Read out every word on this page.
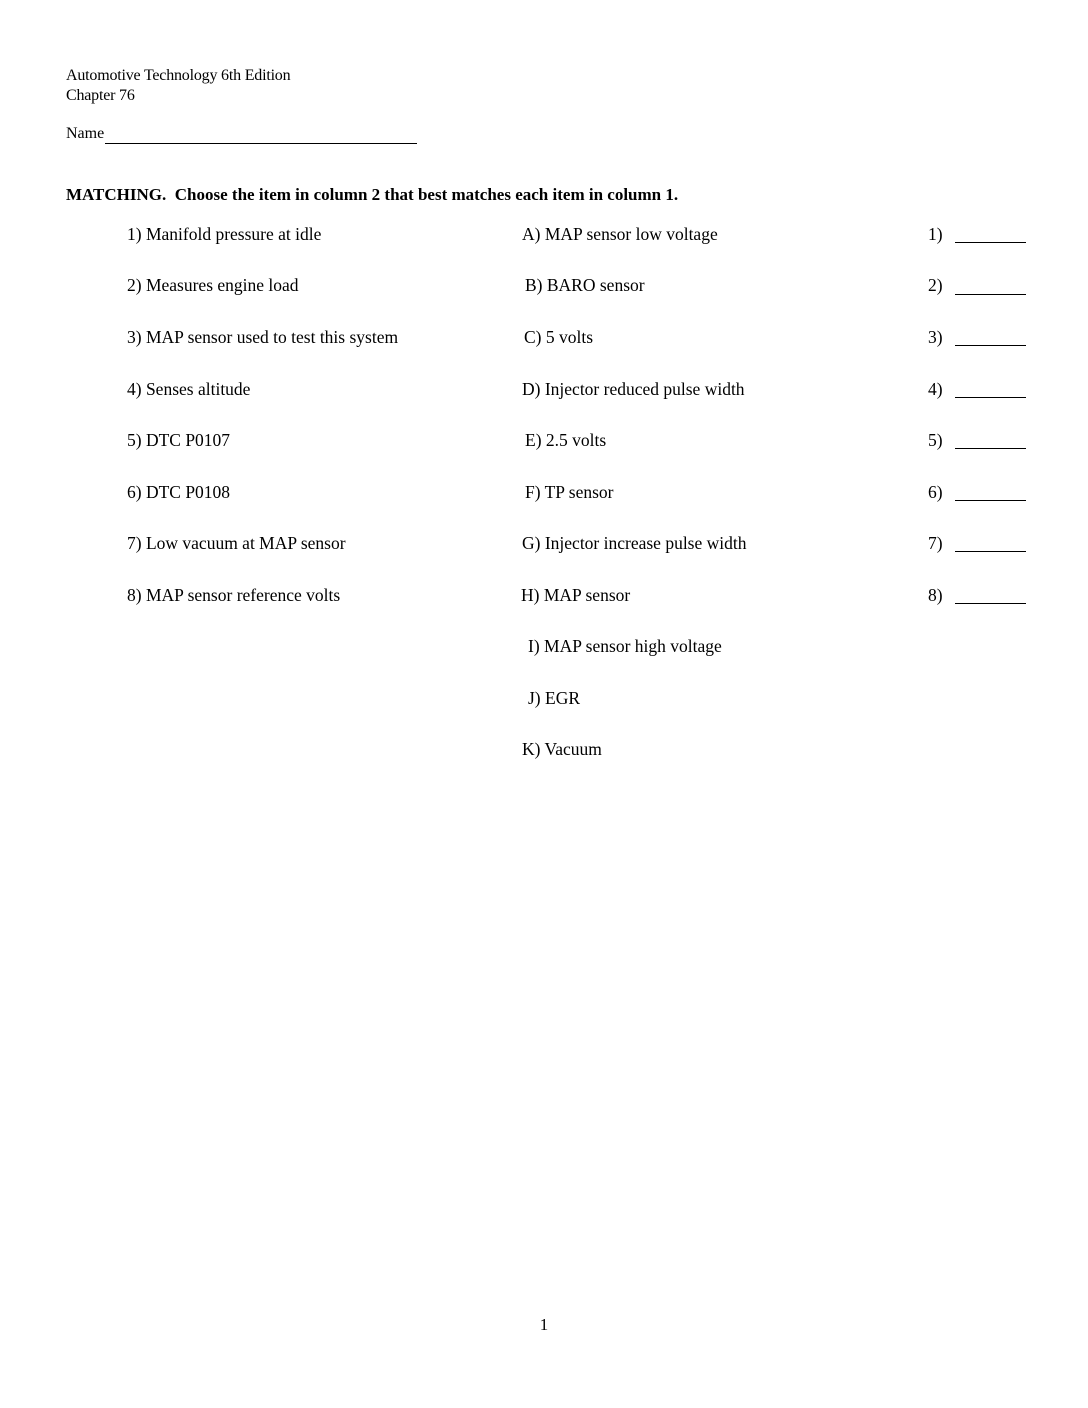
Automotive Technology 6th Edition
Chapter 76
Name
MATCHING.  Choose the item in column 2 that best matches each item in column 1.
1) Manifold pressure at idle
2) Measures engine load
3) MAP sensor used to test this system
4) Senses altitude
5) DTC P0107
6) DTC P0108
7) Low vacuum at MAP sensor
8) MAP sensor reference volts
A) MAP sensor low voltage
B) BARO sensor
C) 5 volts
D) Injector reduced pulse width
E) 2.5 volts
F) TP sensor
G) Injector increase pulse width
H) MAP sensor
I) MAP sensor high voltage
J) EGR
K) Vacuum
1)
2)
3)
4)
5)
6)
7)
8)
1
